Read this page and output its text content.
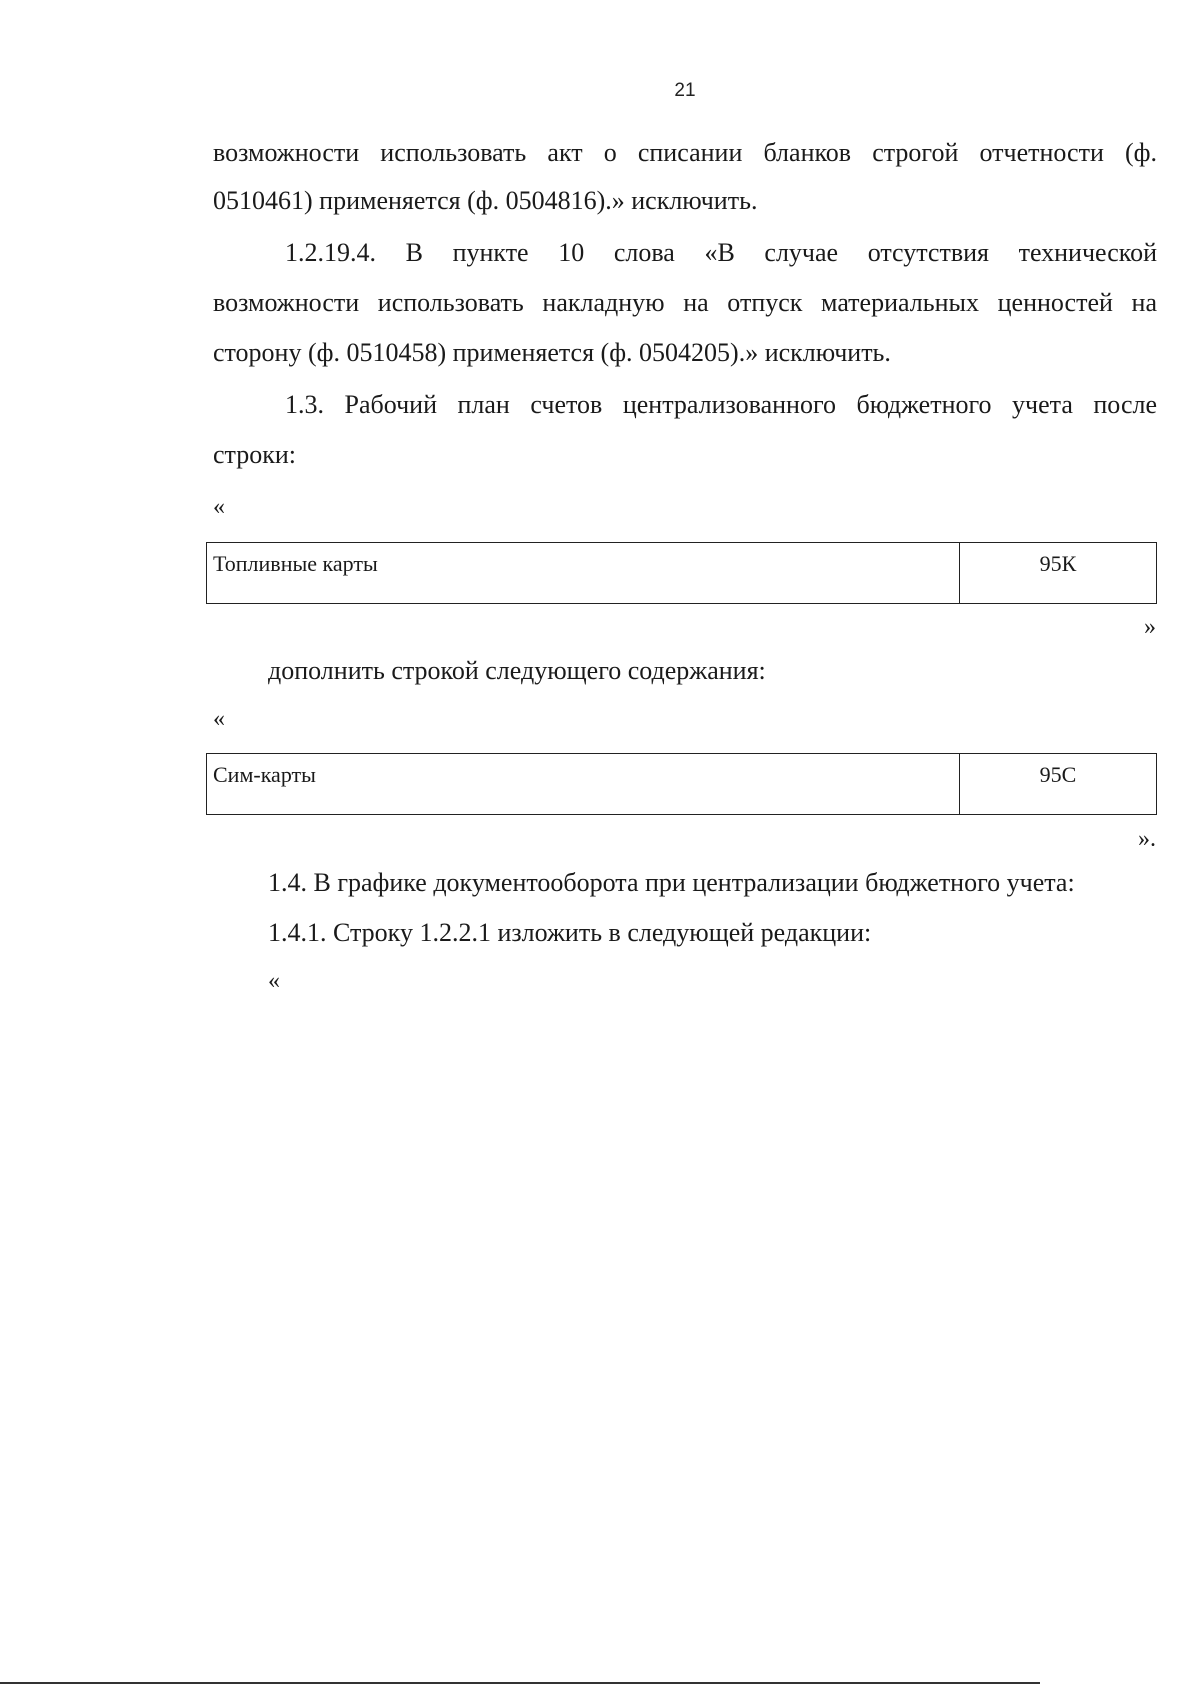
21
возможности использовать акт о списании бланков строгой отчетности (ф.
0510461) применяется (ф. 0504816).» исключить.
1.2.19.4. В пункте 10 слова «В случае отсутствия технической
возможности использовать накладную на отпуск материальных ценностей на
сторону (ф. 0510458) применяется (ф. 0504205).» исключить.
1.3. Рабочий план счетов централизованного бюджетного учета после
строки:
«
Топливные карты	95К
»
дополнить строкой следующего содержания:
«
Сим-карты	95С
».
1.4. В графике документооборота при централизации бюджетного учета:
1.4.1. Строку 1.2.2.1 изложить в следующей редакции:
«
